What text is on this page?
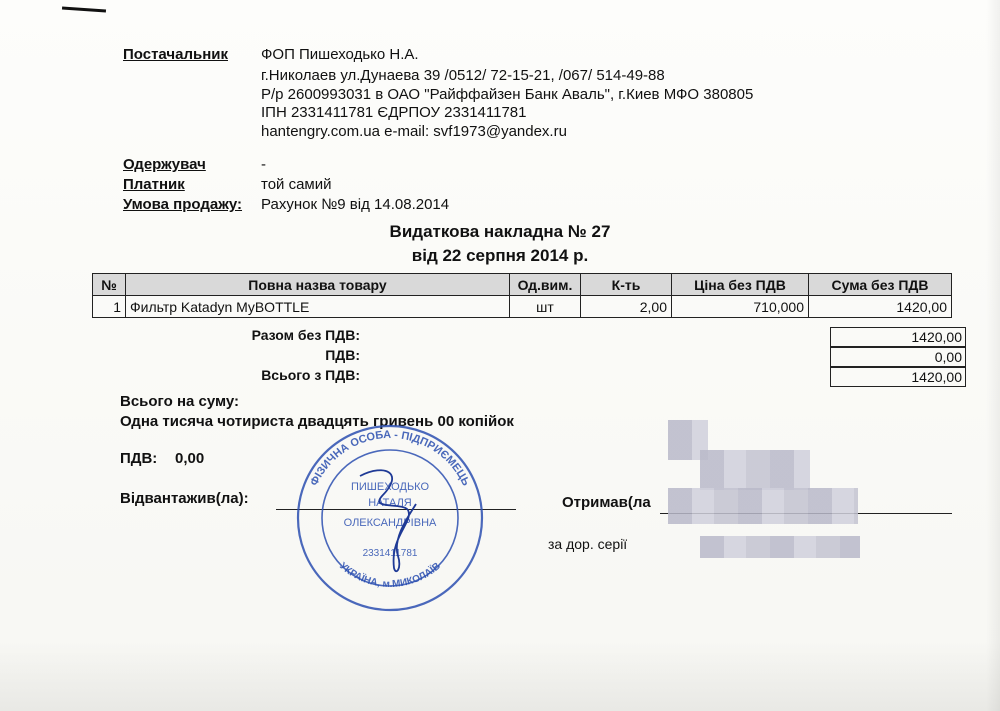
Постачальник ФОП Пишеходько Н.А.
г.Николаев ул.Дунаева 39 /0512/ 72-15-21, /067/ 514-49-88
Р/р 2600993031 в ОАО "Райффайзен Банк Аваль", г.Киев МФО 380805
ІПН 2331411781 ЄДРПОУ 2331411781
hantengry.com.ua e-mail: svf1973@yandex.ru
Одержувач	-
Платник	той самий
Умова продажу: Рахунок №9 від 14.08.2014
Видаткова накладна № 27
від 22 серпня 2014 р.
№	Повна назва товару	Од.вим.	К-ть	Ціна без ПДВ	Сума без ПДВ
1	Фильтр Katadyn MyBOTTLE	шт	2,00	710,000	1420,00
Разом без ПДВ:	1420,00
ПДВ:	0,00
Всього з ПДВ:	1420,00
Всього на суму:
Одна тисяча чотириста двадцять гривень 00 копійок
ПДВ: 0,00
Відвантажив(ла):	Отримав(ла
за дор. серії
ФІЗИЧНА ОСОБА - ПІДПРИЄМЕЦЬ
УКРАЇНА, м.МИКОЛАЇВ
ПИШЕХОДЬКО
НАТАЛЯ
ОЛЕКСАНДРІВНА
2331411781
